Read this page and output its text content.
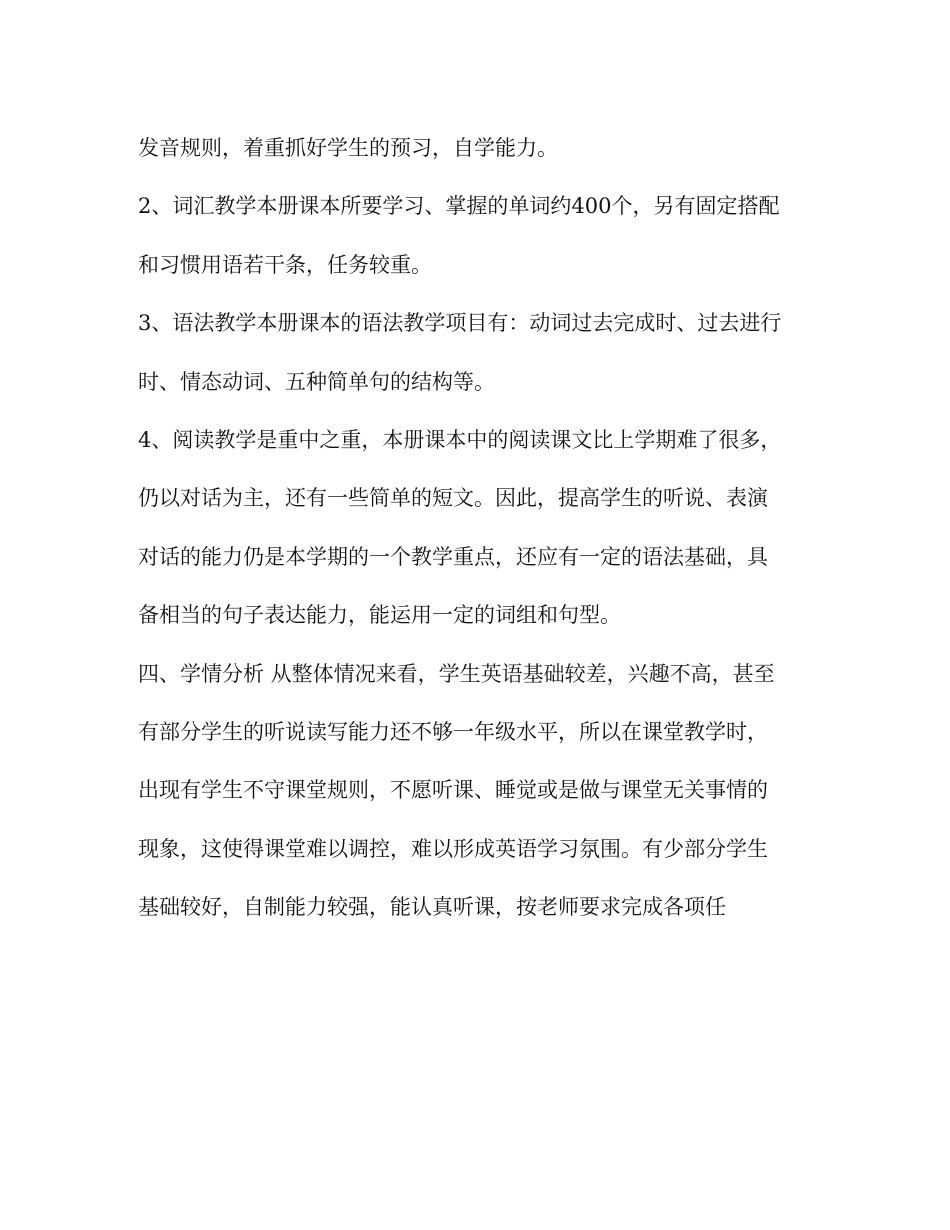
发音规则，着重抓好学生的预习，自学能力。
2、词汇教学本册课本所要学习、掌握的单词约400个，另有固定搭配
和习惯用语若干条，任务较重。
3、语法教学本册课本的语法教学项目有：动词过去完成时、过去进行
时、情态动词、五种简单句的结构等。
4、阅读教学是重中之重，本册课本中的阅读课文比上学期难了很多，
仍以对话为主，还有一些简单的短文。因此，提高学生的听说、表演
对话的能力仍是本学期的一个教学重点，还应有一定的语法基础，具
备相当的句子表达能力，能运用一定的词组和句型。
四、学情分析 从整体情况来看，学生英语基础较差，兴趣不高，甚至
有部分学生的听说读写能力还不够一年级水平，所以在课堂教学时，
出现有学生不守课堂规则，不愿听课、睡觉或是做与课堂无关事情的
现象，这使得课堂难以调控，难以形成英语学习氛围。有少部分学生
基础较好，自制能力较强，能认真听课，按老师要求完成各项任
